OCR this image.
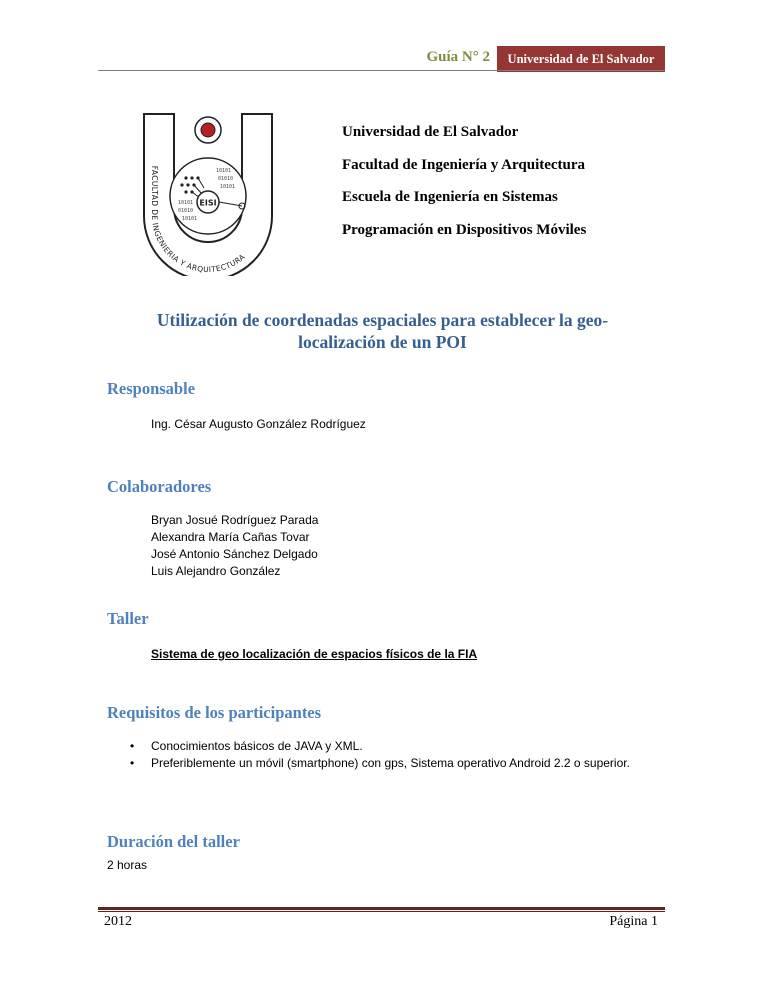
Guía N° 2	Universidad de El Salvador
FACULTAD DE INGENIERIA Y ARQUITECTURA
10101
01010
10101
10101
01010
10101
EISI
Universidad de El Salvador
Facultad de Ingeniería y Arquitectura
Escuela de Ingeniería en Sistemas
Programación en Dispositivos Móviles
Utilización de coordenadas espaciales para establecer la geo-
localización de un POI
Responsable
Ing. César Augusto González Rodríguez
Colaboradores
Bryan Josué Rodríguez Parada
Alexandra María Cañas Tovar
José Antonio Sánchez Delgado
Luis Alejandro González
Taller
Sistema de geo localización de espacios físicos de la FIA
Requisitos de los participantes
• Conocimientos básicos de JAVA y XML.
• Preferiblemente un móvil (smartphone) con gps, Sistema operativo Android 2.2 o superior.
Duración del taller
2 horas
2012	Página 1
